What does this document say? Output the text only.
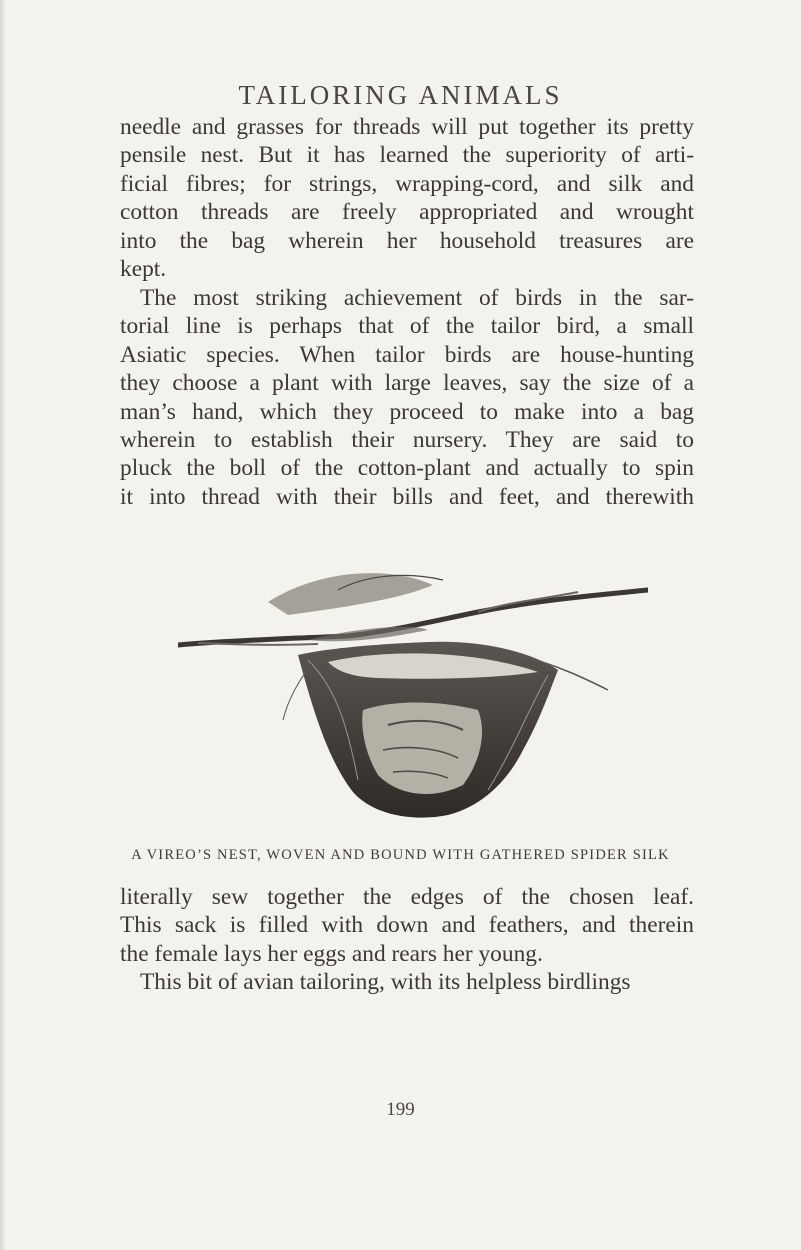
TAILORING ANIMALS
needle and grasses for threads will put together its pretty
pensile nest. But it has learned the superiority of arti-
ficial fibres; for strings, wrapping-cord, and silk and
cotton threads are freely appropriated and wrought
into the bag wherein her household treasures are
kept.
The most striking achievement of birds in the sar-
torial line is perhaps that of the tailor bird, a small
Asiatic species. When tailor birds are house-hunting
they choose a plant with large leaves, say the size of a
man’s hand, which they proceed to make into a bag
wherein to establish their nursery. They are said to
pluck the boll of the cotton-plant and actually to spin
it into thread with their bills and feet, and therewith
A VIREO’S NEST, WOVEN AND BOUND WITH GATHERED SPIDER SILK
literally sew together the edges of the chosen leaf.
This sack is filled with down and feathers, and therein
the female lays her eggs and rears her young.
This bit of avian tailoring, with its helpless birdlings
199
